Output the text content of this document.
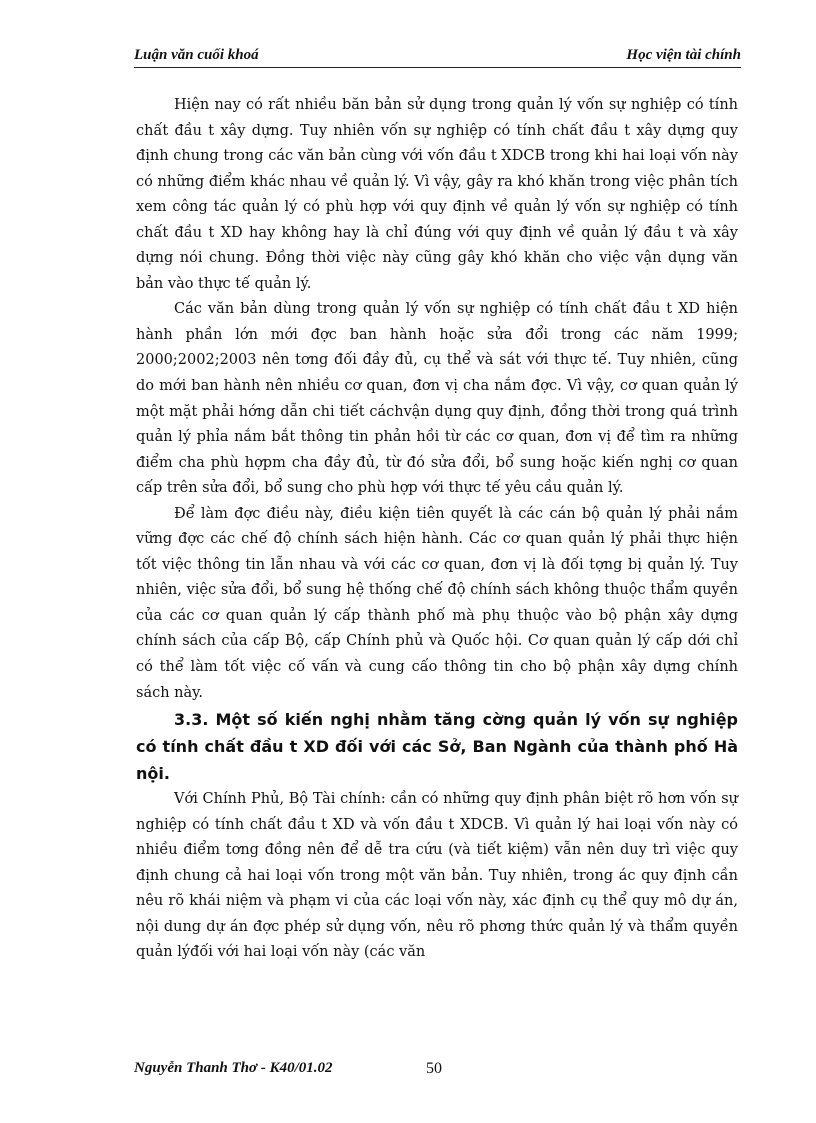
Luận văn cuối khoá	Học viện tài chính

Hiện nay có rất nhiều băn bản sử dụng trong quản lý vốn sự nghiệp có tính chất đầu t xây dựng. Tuy nhiên vốn sự nghiệp có tính chất đầu t xây dựng quy định chung trong các văn bản cùng với vốn đầu t XDCB trong khi hai loại vốn này có những điểm khác nhau về quản lý. Vì vậy, gây ra khó khăn trong việc phân tích xem công tác quản lý có phù hợp với quy định về quản lý vốn sự nghiệp có tính chất đầu t XD hay không hay là chỉ đúng với quy định về quản lý đầu t và xây dựng nói chung. Đồng thời việc này cũng gây khó khăn cho việc vận dụng văn bản vào thực tế quản lý.

Các văn bản dùng trong quản lý vốn sự nghiệp có tính chất đầu t XD hiện hành phần lớn mới đợc ban hành hoặc sửa đổi trong các năm 1999; 2000;2002;2003 nên tơng đối đầy đủ, cụ thể và sát với thực tế. Tuy nhiên, cũng do mới ban hành nên nhiều cơ quan, đơn vị cha nắm đợc. Vì vậy, cơ quan quản lý một mặt phải hớng dẫn chi tiết cáchvận dụng quy định, đồng thời trong quá trình quản lý phỉa nắm bắt thông tin phản hồi từ các cơ quan, đơn vị để tìm ra những điểm cha phù hợpm cha đầy đủ, từ đó sửa đổi, bổ sung hoặc kiến nghị cơ quan cấp trên sửa đổi, bổ sung cho phù hợp với thực tế yêu cầu quản lý.

Để làm đợc điều này, điều kiện tiên quyết là các cán bộ quản lý phải nắm vững đợc các chế độ chính sách hiện hành. Các cơ quan quản lý phải thực hiện tốt việc thông tin lẫn nhau và với các cơ quan, đơn vị là đối tợng bị quản lý. Tuy nhiên, việc sửa đổi, bổ sung hệ thống chế độ chính sách không thuộc thẩm quyền của các cơ quan quản lý cấp thành phố mà phụ thuộc vào bộ phận xây dựng chính sách của cấp Bộ, cấp Chính phủ và Quốc hội. Cơ quan quản lý cấp dới chỉ có thể làm tốt việc cố vấn và cung cấo thông tin cho bộ phận xây dựng chính sách này.

3.3. Một số kiến nghị nhằm tăng cờng quản lý vốn sự nghiệp có tính chất đầu t XD đối với các Sở, Ban Ngành của thành phố Hà nội.

Với Chính Phủ, Bộ Tài chính: cần có những quy định phân biệt rõ hơn vốn sự nghiệp có tính chất đầu t XD và vốn đầu t XDCB. Vì quản lý hai loại vốn này có nhiều điểm tơng đồng nên để dễ tra cứu (và tiết kiệm) vẫn nên duy trì việc quy định chung cả hai loại vốn trong một văn bản. Tuy nhiên, trong ác quy định cần nêu rõ khái niệm và phạm vi của các loại vốn này, xác định cụ thể quy mô dự án, nội dung dự án đợc phép sử dụng vốn, nêu rõ phơng thức quản lý và thẩm quyền quản lýđối với hai loại vốn này (các văn

Nguyễn Thanh Thơ - K40/01.02	50
